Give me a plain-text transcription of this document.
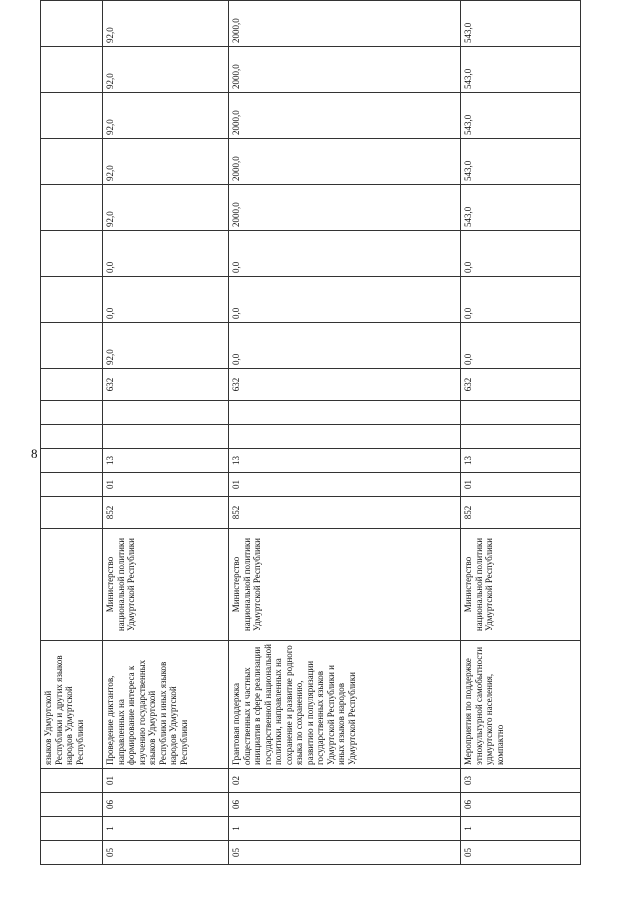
8
				языков Удмуртской Республики и других языков народов Удмуртской Республики															
05	1	06	01	Проведение диктантов, направленных на формирование интереса к изучению государственных языков Удмуртской Республики и иных языков народов Удмуртской Республики	Министерство национальной политики Удмуртской Республики	852	01	13			632	92,0	0,0	0,0	92,0	92,0	92,0	92,0	92,0
05	1	06	02	Грантовая поддержка общественных и частных инициатив в сфере реализации государственной национальной политики, направленных на сохранение и развитие родного языка по сохранению, развитию и популяризации государственных языков Удмуртской Республики и иных языков народов Удмуртской Республики	Министерство национальной политики Удмуртской Республики	852	01	13			632	0,0	0,0	0,0	2000,0	2000,0	2000,0	2000,0	2000,0
05	1	06	03	Мероприятия по поддержке этнокультурной самобытности удмуртского населения, компактно	Министерство национальной политики Удмуртской Республики	852	01	13			632	0,0	0,0	0,0	543,0	543,0	543,0	543,0	543,0
